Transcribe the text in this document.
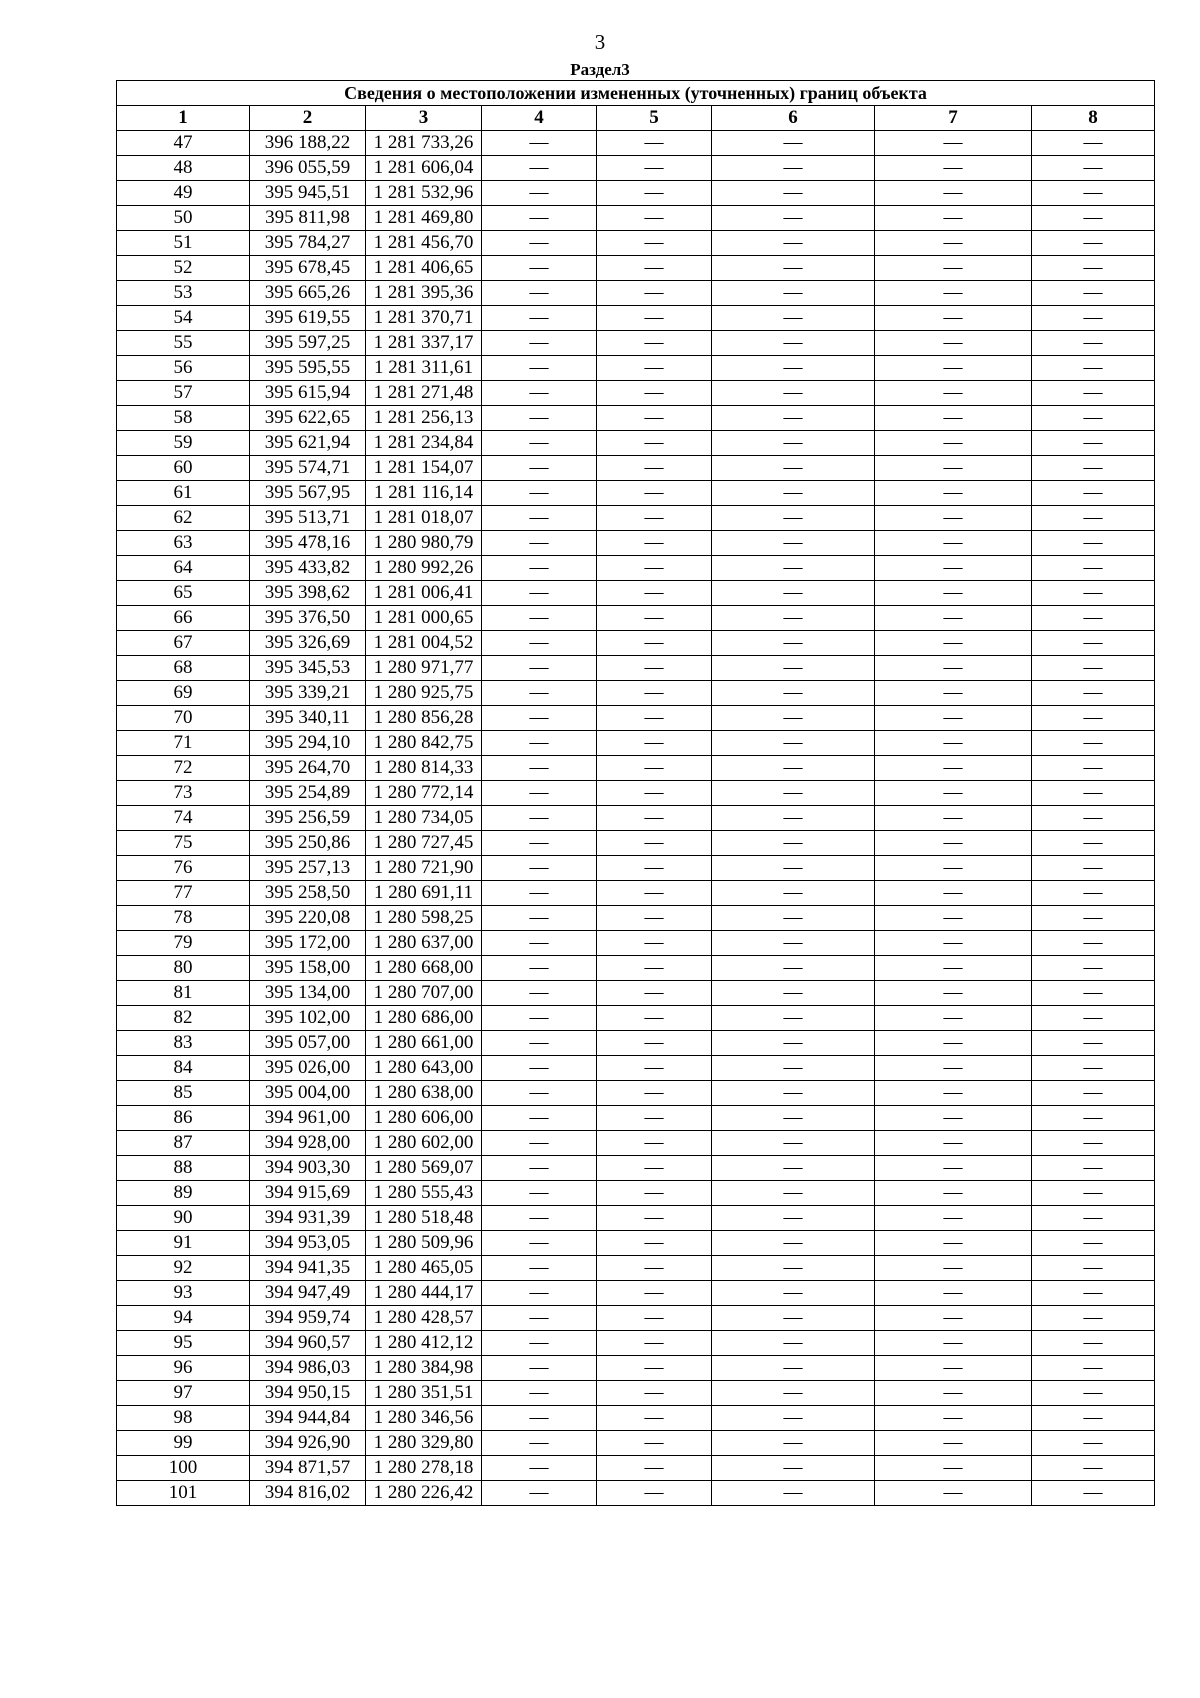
3
Раздел3
Сведения о местоположении измененных (уточненных) границ объекта							
1	2	3	4	5	6	7	8
47	396 188,22	1 281 733,26	—	—	—	—	—
48	396 055,59	1 281 606,04	—	—	—	—	—
49	395 945,51	1 281 532,96	—	—	—	—	—
50	395 811,98	1 281 469,80	—	—	—	—	—
51	395 784,27	1 281 456,70	—	—	—	—	—
52	395 678,45	1 281 406,65	—	—	—	—	—
53	395 665,26	1 281 395,36	—	—	—	—	—
54	395 619,55	1 281 370,71	—	—	—	—	—
55	395 597,25	1 281 337,17	—	—	—	—	—
56	395 595,55	1 281 311,61	—	—	—	—	—
57	395 615,94	1 281 271,48	—	—	—	—	—
58	395 622,65	1 281 256,13	—	—	—	—	—
59	395 621,94	1 281 234,84	—	—	—	—	—
60	395 574,71	1 281 154,07	—	—	—	—	—
61	395 567,95	1 281 116,14	—	—	—	—	—
62	395 513,71	1 281 018,07	—	—	—	—	—
63	395 478,16	1 280 980,79	—	—	—	—	—
64	395 433,82	1 280 992,26	—	—	—	—	—
65	395 398,62	1 281 006,41	—	—	—	—	—
66	395 376,50	1 281 000,65	—	—	—	—	—
67	395 326,69	1 281 004,52	—	—	—	—	—
68	395 345,53	1 280 971,77	—	—	—	—	—
69	395 339,21	1 280 925,75	—	—	—	—	—
70	395 340,11	1 280 856,28	—	—	—	—	—
71	395 294,10	1 280 842,75	—	—	—	—	—
72	395 264,70	1 280 814,33	—	—	—	—	—
73	395 254,89	1 280 772,14	—	—	—	—	—
74	395 256,59	1 280 734,05	—	—	—	—	—
75	395 250,86	1 280 727,45	—	—	—	—	—
76	395 257,13	1 280 721,90	—	—	—	—	—
77	395 258,50	1 280 691,11	—	—	—	—	—
78	395 220,08	1 280 598,25	—	—	—	—	—
79	395 172,00	1 280 637,00	—	—	—	—	—
80	395 158,00	1 280 668,00	—	—	—	—	—
81	395 134,00	1 280 707,00	—	—	—	—	—
82	395 102,00	1 280 686,00	—	—	—	—	—
83	395 057,00	1 280 661,00	—	—	—	—	—
84	395 026,00	1 280 643,00	—	—	—	—	—
85	395 004,00	1 280 638,00	—	—	—	—	—
86	394 961,00	1 280 606,00	—	—	—	—	—
87	394 928,00	1 280 602,00	—	—	—	—	—
88	394 903,30	1 280 569,07	—	—	—	—	—
89	394 915,69	1 280 555,43	—	—	—	—	—
90	394 931,39	1 280 518,48	—	—	—	—	—
91	394 953,05	1 280 509,96	—	—	—	—	—
92	394 941,35	1 280 465,05	—	—	—	—	—
93	394 947,49	1 280 444,17	—	—	—	—	—
94	394 959,74	1 280 428,57	—	—	—	—	—
95	394 960,57	1 280 412,12	—	—	—	—	—
96	394 986,03	1 280 384,98	—	—	—	—	—
97	394 950,15	1 280 351,51	—	—	—	—	—
98	394 944,84	1 280 346,56	—	—	—	—	—
99	394 926,90	1 280 329,80	—	—	—	—	—
100	394 871,57	1 280 278,18	—	—	—	—	—
101	394 816,02	1 280 226,42	—	—	—	—	—
